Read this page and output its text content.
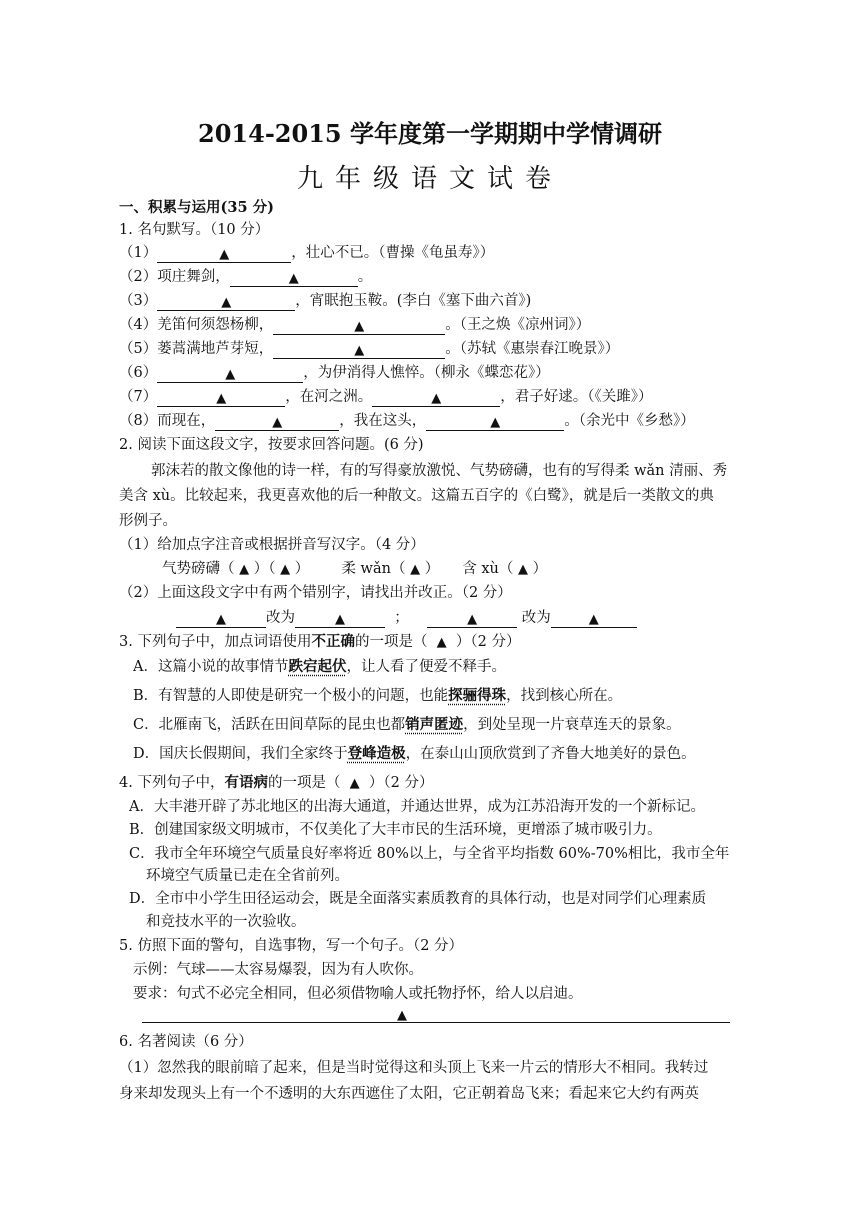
2014-2015 学年度第一学期期中学情调研
九年级语文试卷
一、积累与运用(35 分)
1. 名句默写。（10 分）
（1）	▲	，壮心不已。（曹操《龟虽寿》）
（2）项庄舞剑，	▲	。
（3）	▲	，宵眠抱玉鞍。(李白《塞下曲六首》)
（4）羌笛何须怨杨柳，	▲	。（王之焕《凉州词》）
（5）蒌蒿满地芦芽短，	▲	。（苏轼《惠崇春江晚景》）
（6）	▲	，为伊消得人憔悴。（柳永《蝶恋花》）
（7）	▲	，在河之洲。	▲	，君子好逑。（《关雎》）
（8）而现在，	▲	，我在这头，	▲	。（余光中《乡愁》）
2. 阅读下面这段文字，按要求回答问题。(6 分)
郭沫若的散文像他的诗一样，有的写得豪放激悦、气势磅礴，也有的写得柔 wǎn 清丽、秀
美含 xù。比较起来，我更喜欢他的后一种散文。这篇五百字的《白鹭》，就是后一类散文的典
形例子。
（1）给加点字注音或根据拼音写汉字。（4 分）
气势磅礴（ ▲ ）（ ▲ ） 柔 wǎn（ ▲ ） 含 xù（ ▲ ）
（2）上面这段文字中有两个错别字，请找出并改正。（2 分）
▲	改为	▲	；	▲	改为	▲
3. 下列句子中，加点词语使用不正确的一项是（ ▲ ）（2 分）
A．这篇小说的故事情节跌宕起伏，让人看了便爱不释手。
B．有智慧的人即使是研究一个极小的问题，也能探骊得珠，找到核心所在。
C．北雁南飞，活跃在田间草际的昆虫也都销声匿迹，到处呈现一片衰草连天的景象。
D．国庆长假期间，我们全家终于登峰造极，在泰山山顶欣赏到了齐鲁大地美好的景色。
4. 下列句子中，有语病的一项是（ ▲ ）（2 分）
A．大丰港开辟了苏北地区的出海大通道，并通达世界，成为江苏沿海开发的一个新标记。
B．创建国家级文明城市，不仅美化了大丰市民的生活环境，更增添了城市吸引力。
C．我市全年环境空气质量良好率将近 80%以上，与全省平均指数 60%-70%相比，我市全年
环境空气质量已走在全省前列。
D．全市中小学生田径运动会，既是全面落实素质教育的具体行动，也是对同学们心理素质
和竞技水平的一次验收。
5. 仿照下面的警句，自选事物，写一个句子。（2 分）
示例：气球——太容易爆裂，因为有人吹你。
要求：句式不必完全相同，但必须借物喻人或托物抒怀，给人以启迪。
▲
6. 名著阅读（6 分）
（1）忽然我的眼前暗了起来，但是当时觉得这和头顶上飞来一片云的情形大不相同。我转过
身来却发现头上有一个不透明的大东西遮住了太阳，它正朝着岛飞来；看起来它大约有两英
